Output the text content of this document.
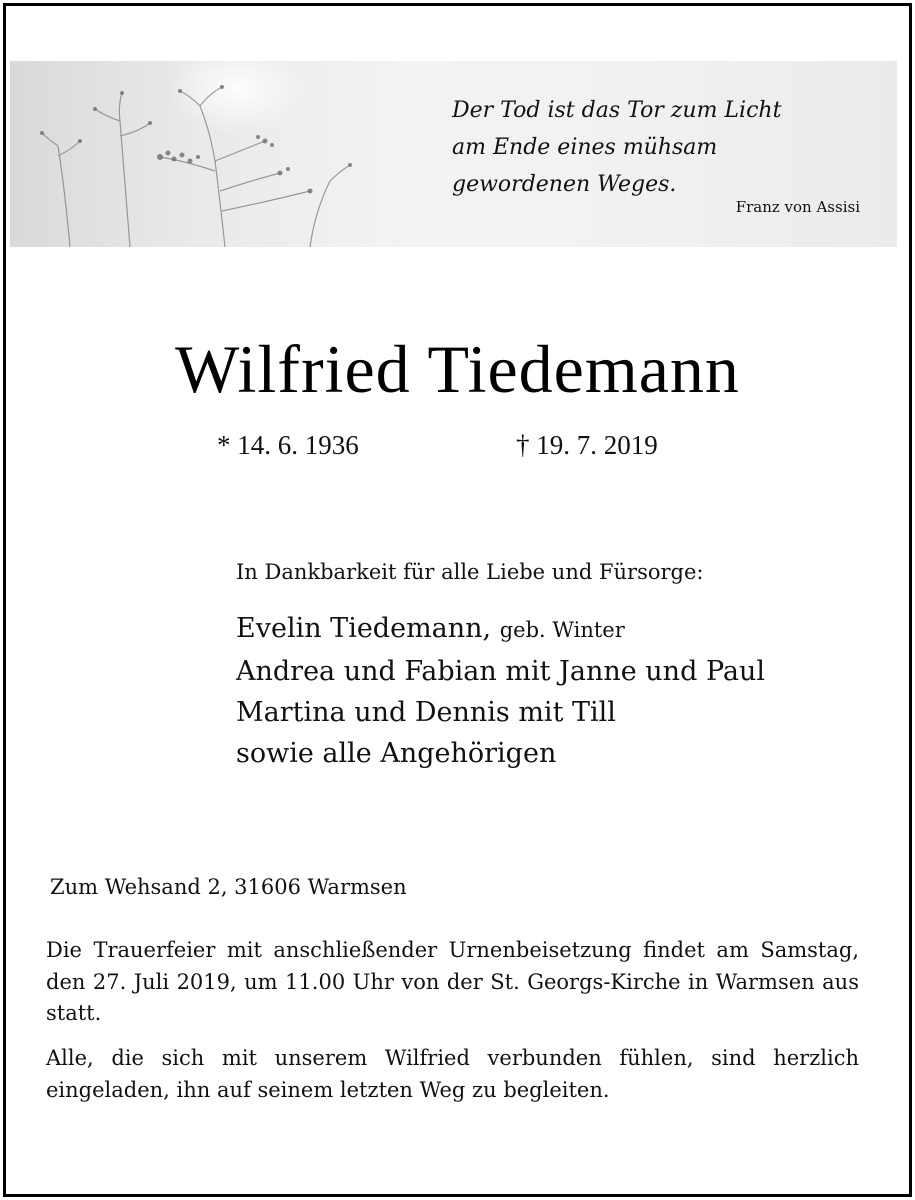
Der Tod ist das Tor zum Licht
am Ende eines mühsam
gewordenen Weges.
Franz von Assisi
Wilfried Tiedemann
* 14. 6. 1936	† 19. 7. 2019
In Dankbarkeit für alle Liebe und Fürsorge:
Evelin Tiedemann, geb. Winter
Andrea und Fabian mit Janne und Paul
Martina und Dennis mit Till
sowie alle Angehörigen
Zum Wehsand 2, 31606 Warmsen
Die Trauerfeier mit anschließender Urnenbeisetzung findet am Samstag, den 27. Juli 2019, um 11.00 Uhr von der St. Georgs-Kirche in Warmsen aus statt.
Alle, die sich mit unserem Wilfried verbunden fühlen, sind herzlich eingeladen, ihn auf seinem letzten Weg zu begleiten.
